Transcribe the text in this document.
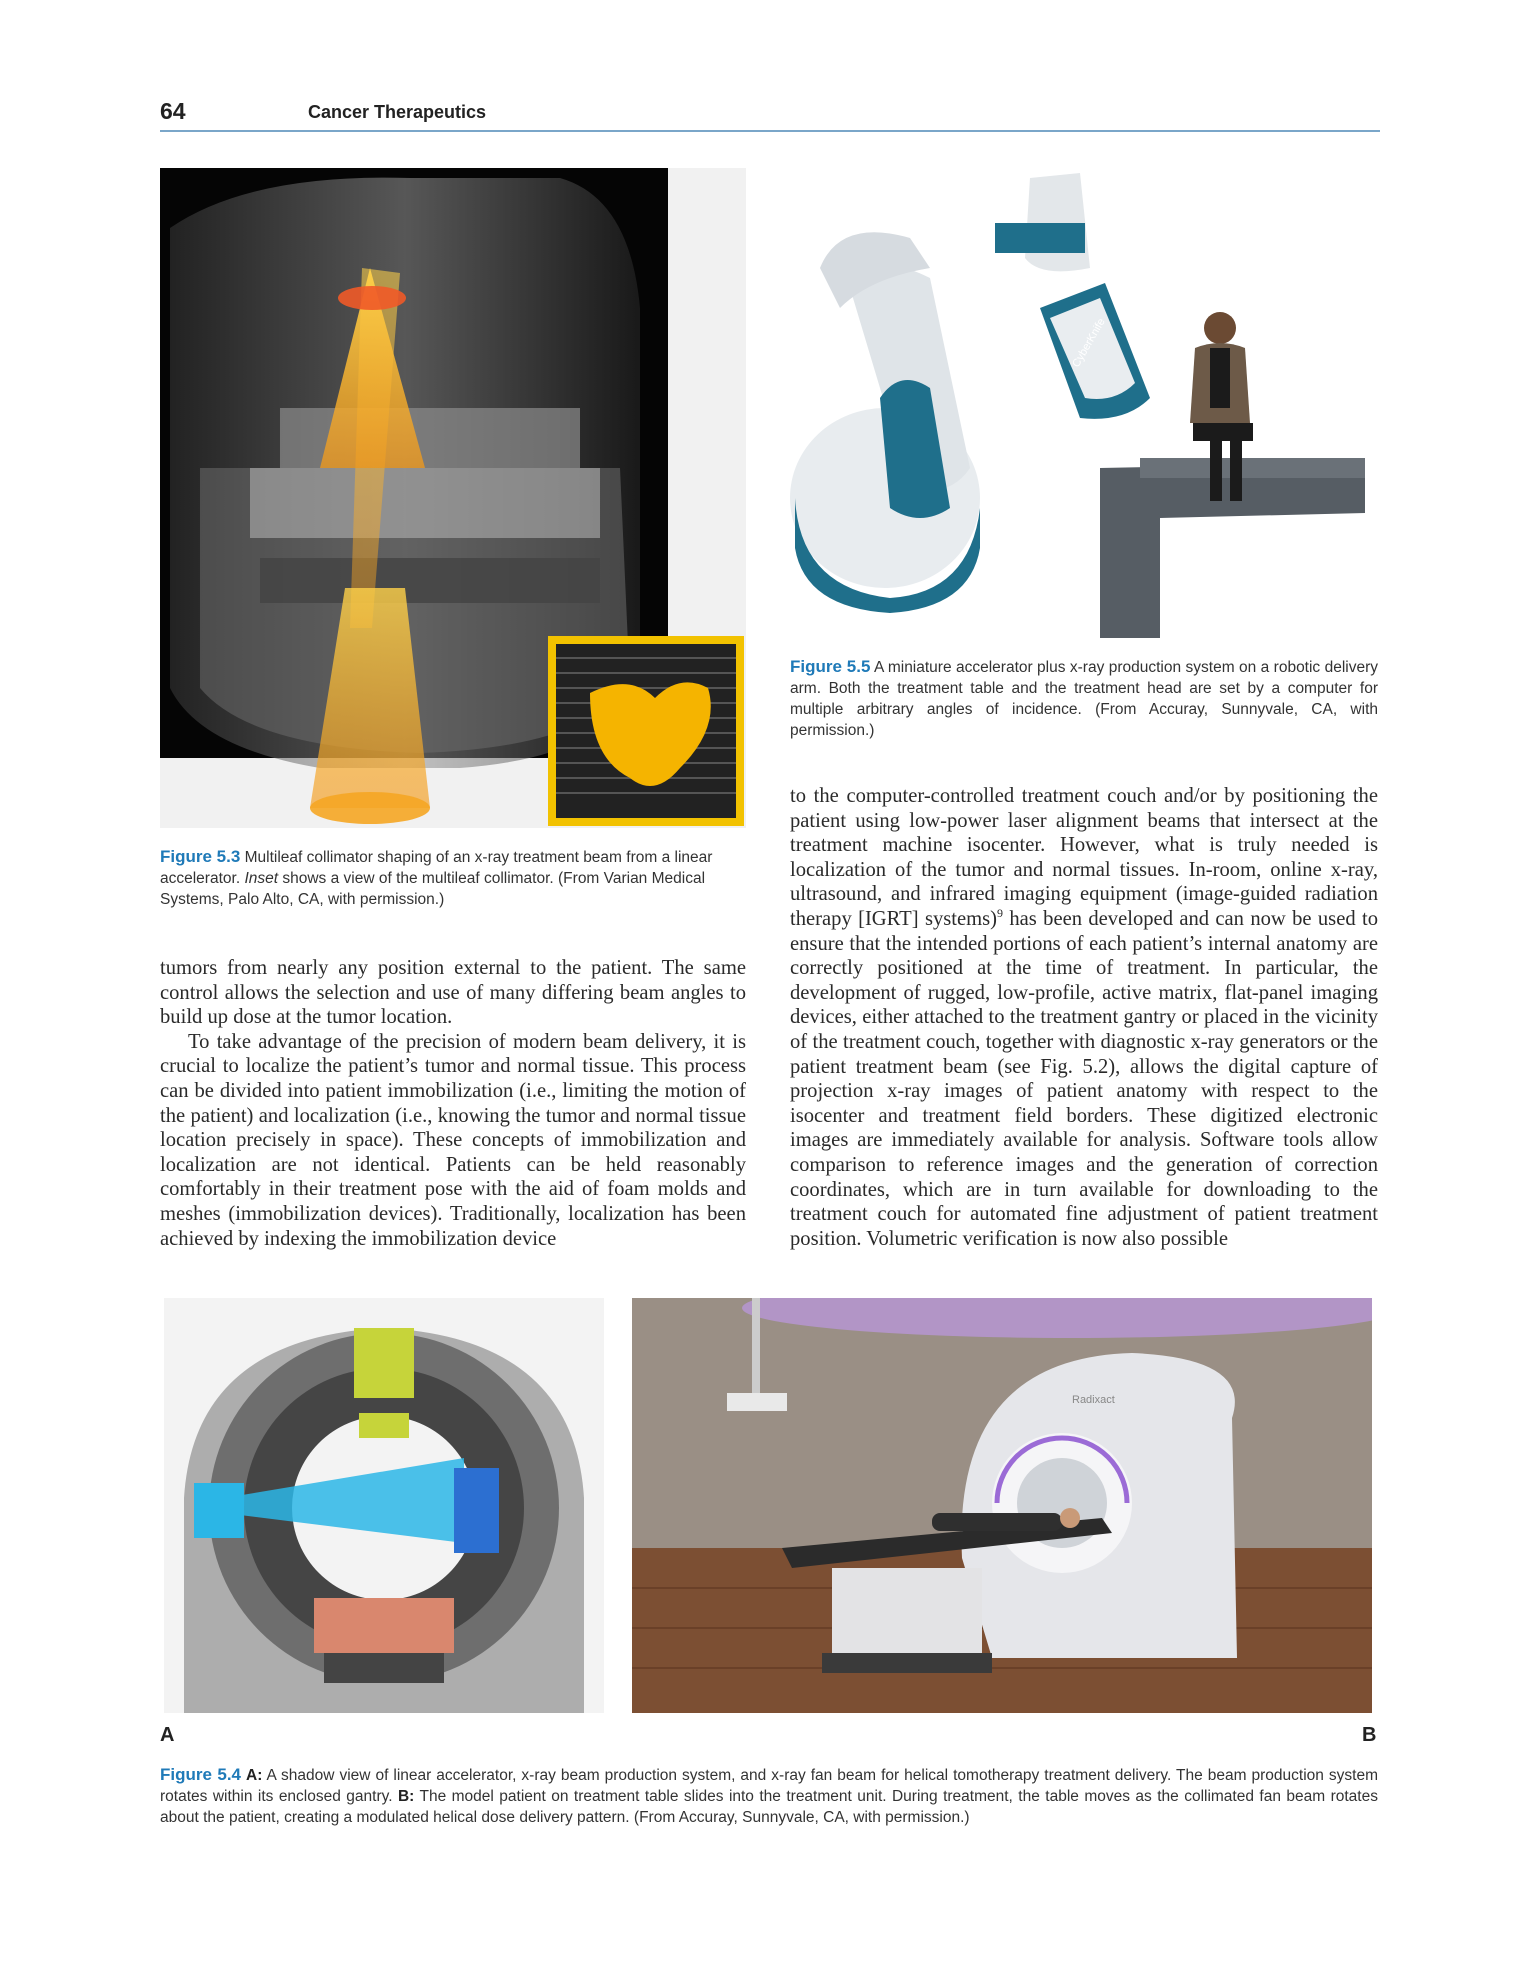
64	Cancer Therapeutics
Figure 5.3 Multileaf collimator shaping of an x-ray treatment beam from a linear accelerator. Inset shows a view of the multileaf collimator. (From Varian Medical Systems, Palo Alto, CA, with permission.)
CyberKnife
Figure 5.5 A miniature accelerator plus x-ray production system on a robotic delivery arm. Both the treatment table and the treatment head are set by a computer for multiple arbitrary angles of incidence. (From Accuray, Sunnyvale, CA, with permission.)

tumors from nearly any position external to the patient. The same control allows the selection and use of many differing beam angles to build up dose at the tumor location.

To take advantage of the precision of modern beam delivery, it is crucial to localize the patient’s tumor and normal tissue. This process can be divided into patient immobilization (i.e., limiting the motion of the patient) and localization (i.e., knowing the tumor and normal tissue location precisely in space). These concepts of immobilization and localization are not identical. Patients can be held reasonably comfortably in their treatment pose with the aid of foam molds and meshes (immobilization devices). Traditionally, localization has been achieved by indexing the immobilization device

to the computer-controlled treatment couch and/or by positioning the patient using low-power laser alignment beams that intersect at the treatment machine isocenter. However, what is truly needed is localization of the tumor and normal tissues. In-room, online x-ray, ultrasound, and infrared imaging equipment (image-guided radiation therapy [IGRT] systems)$^9$ has been developed and can now be used to ensure that the intended portions of each patient’s internal anatomy are correctly positioned at the time of treatment. In particular, the development of rugged, low-profile, active matrix, flat-panel imaging devices, either attached to the treatment gantry or placed in the vicinity of the treatment couch, together with diagnostic x-ray generators or the patient treatment beam (see Fig. 5.2), allows the digital capture of projection x-ray images of patient anatomy with respect to the isocenter and treatment field borders. These digitized electronic images are immediately available for analysis. Software tools allow comparison to reference images and the generation of correction coordinates, which are in turn available for downloading to the treatment couch for automated fine adjustment of patient treatment position. Volumetric verification is now also possible

A
Radixact
B
Figure 5.4 A: A shadow view of linear accelerator, x-ray beam production system, and x-ray fan beam for helical tomotherapy treatment delivery. The beam production system rotates within its enclosed gantry. B: The model patient on treatment table slides into the treatment unit. During treatment, the table moves as the collimated fan beam rotates about the patient, creating a modulated helical dose delivery pattern. (From Accuray, Sunnyvale, CA, with permission.)
